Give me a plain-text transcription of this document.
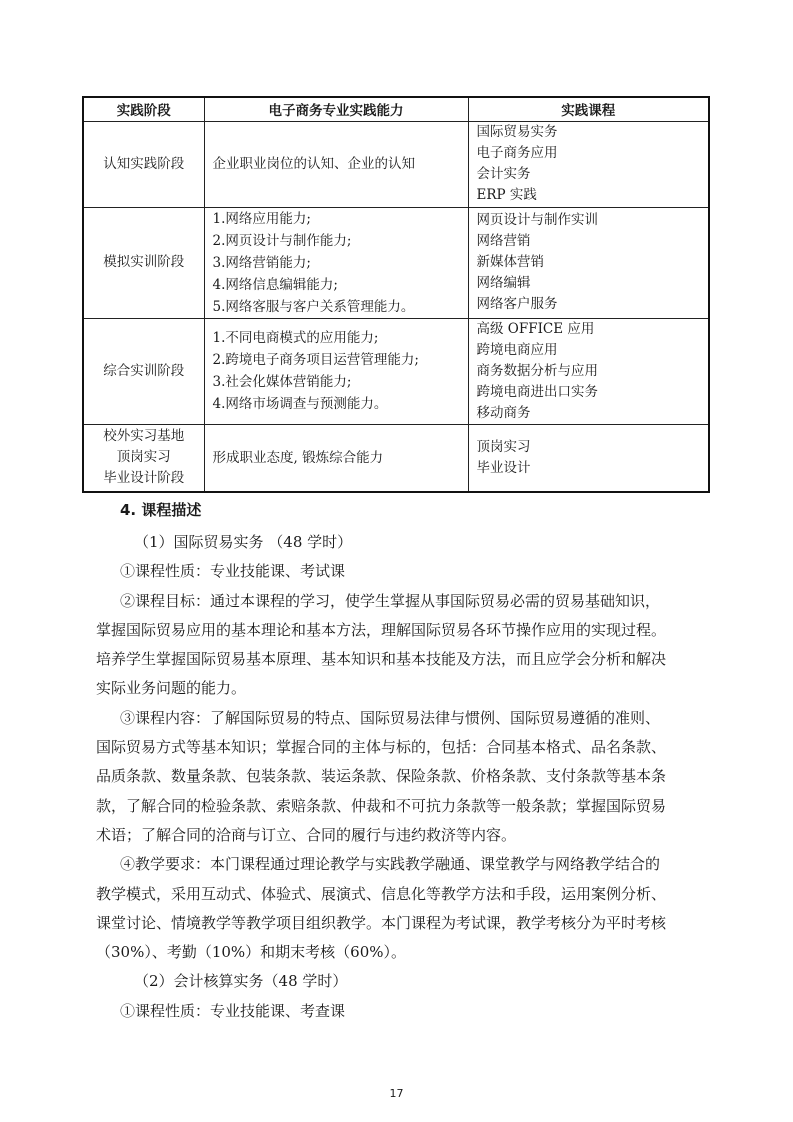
实践阶段	电子商务专业实践能力	实践课程

认知实践阶段	企业职业岗位的认知、企业的认知	国际贸易实务
电子商务应用
会计实务
ERP 实践

模拟实训阶段	1.网络应用能力;
2.网页设计与制作能力;
3.网络营销能力;
4.网络信息编辑能力;
5.网络客服与客户关系管理能力。	网页设计与制作实训
网络营销
新媒体营销
网络编辑
网络客户服务

综合实训阶段	1.不同电商模式的应用能力;
2.跨境电子商务项目运营管理能力;
3.社会化媒体营销能力;
4.网络市场调查与预测能力。	高级 OFFICE 应用
跨境电商应用
商务数据分析与应用
跨境电商进出口实务
移动商务

校外实习基地
顶岗实习
毕业设计阶段	形成职业态度, 锻炼综合能力	顶岗实习
毕业设计
4. 课程描述

（1）国际贸易实务 （48 学时）

①课程性质：专业技能课、考试课

②课程目标：通过本课程的学习，使学生掌握从事国际贸易必需的贸易基础知识，

掌握国际贸易应用的基本理论和基本方法，理解国际贸易各环节操作应用的实现过程。

培养学生掌握国际贸易基本原理、基本知识和基本技能及方法，而且应学会分析和解决

实际业务问题的能力。

③课程内容：了解国际贸易的特点、国际贸易法律与惯例、国际贸易遵循的准则、

国际贸易方式等基本知识；掌握合同的主体与标的，包括：合同基本格式、品名条款、

品质条款、数量条款、包装条款、装运条款、保险条款、价格条款、支付条款等基本条

款，了解合同的检验条款、索赔条款、仲裁和不可抗力条款等一般条款；掌握国际贸易

术语；了解合同的洽商与订立、合同的履行与违约救济等内容。

④教学要求：本门课程通过理论教学与实践教学融通、课堂教学与网络教学结合的

教学模式，采用互动式、体验式、展演式、信息化等教学方法和手段，运用案例分析、

课堂讨论、情境教学等教学项目组织教学。本门课程为考试课，教学考核分为平时考核

（30%）、考勤（10%）和期末考核（60%）。

（2）会计核算实务（48 学时）

①课程性质：专业技能课、考查课

17
